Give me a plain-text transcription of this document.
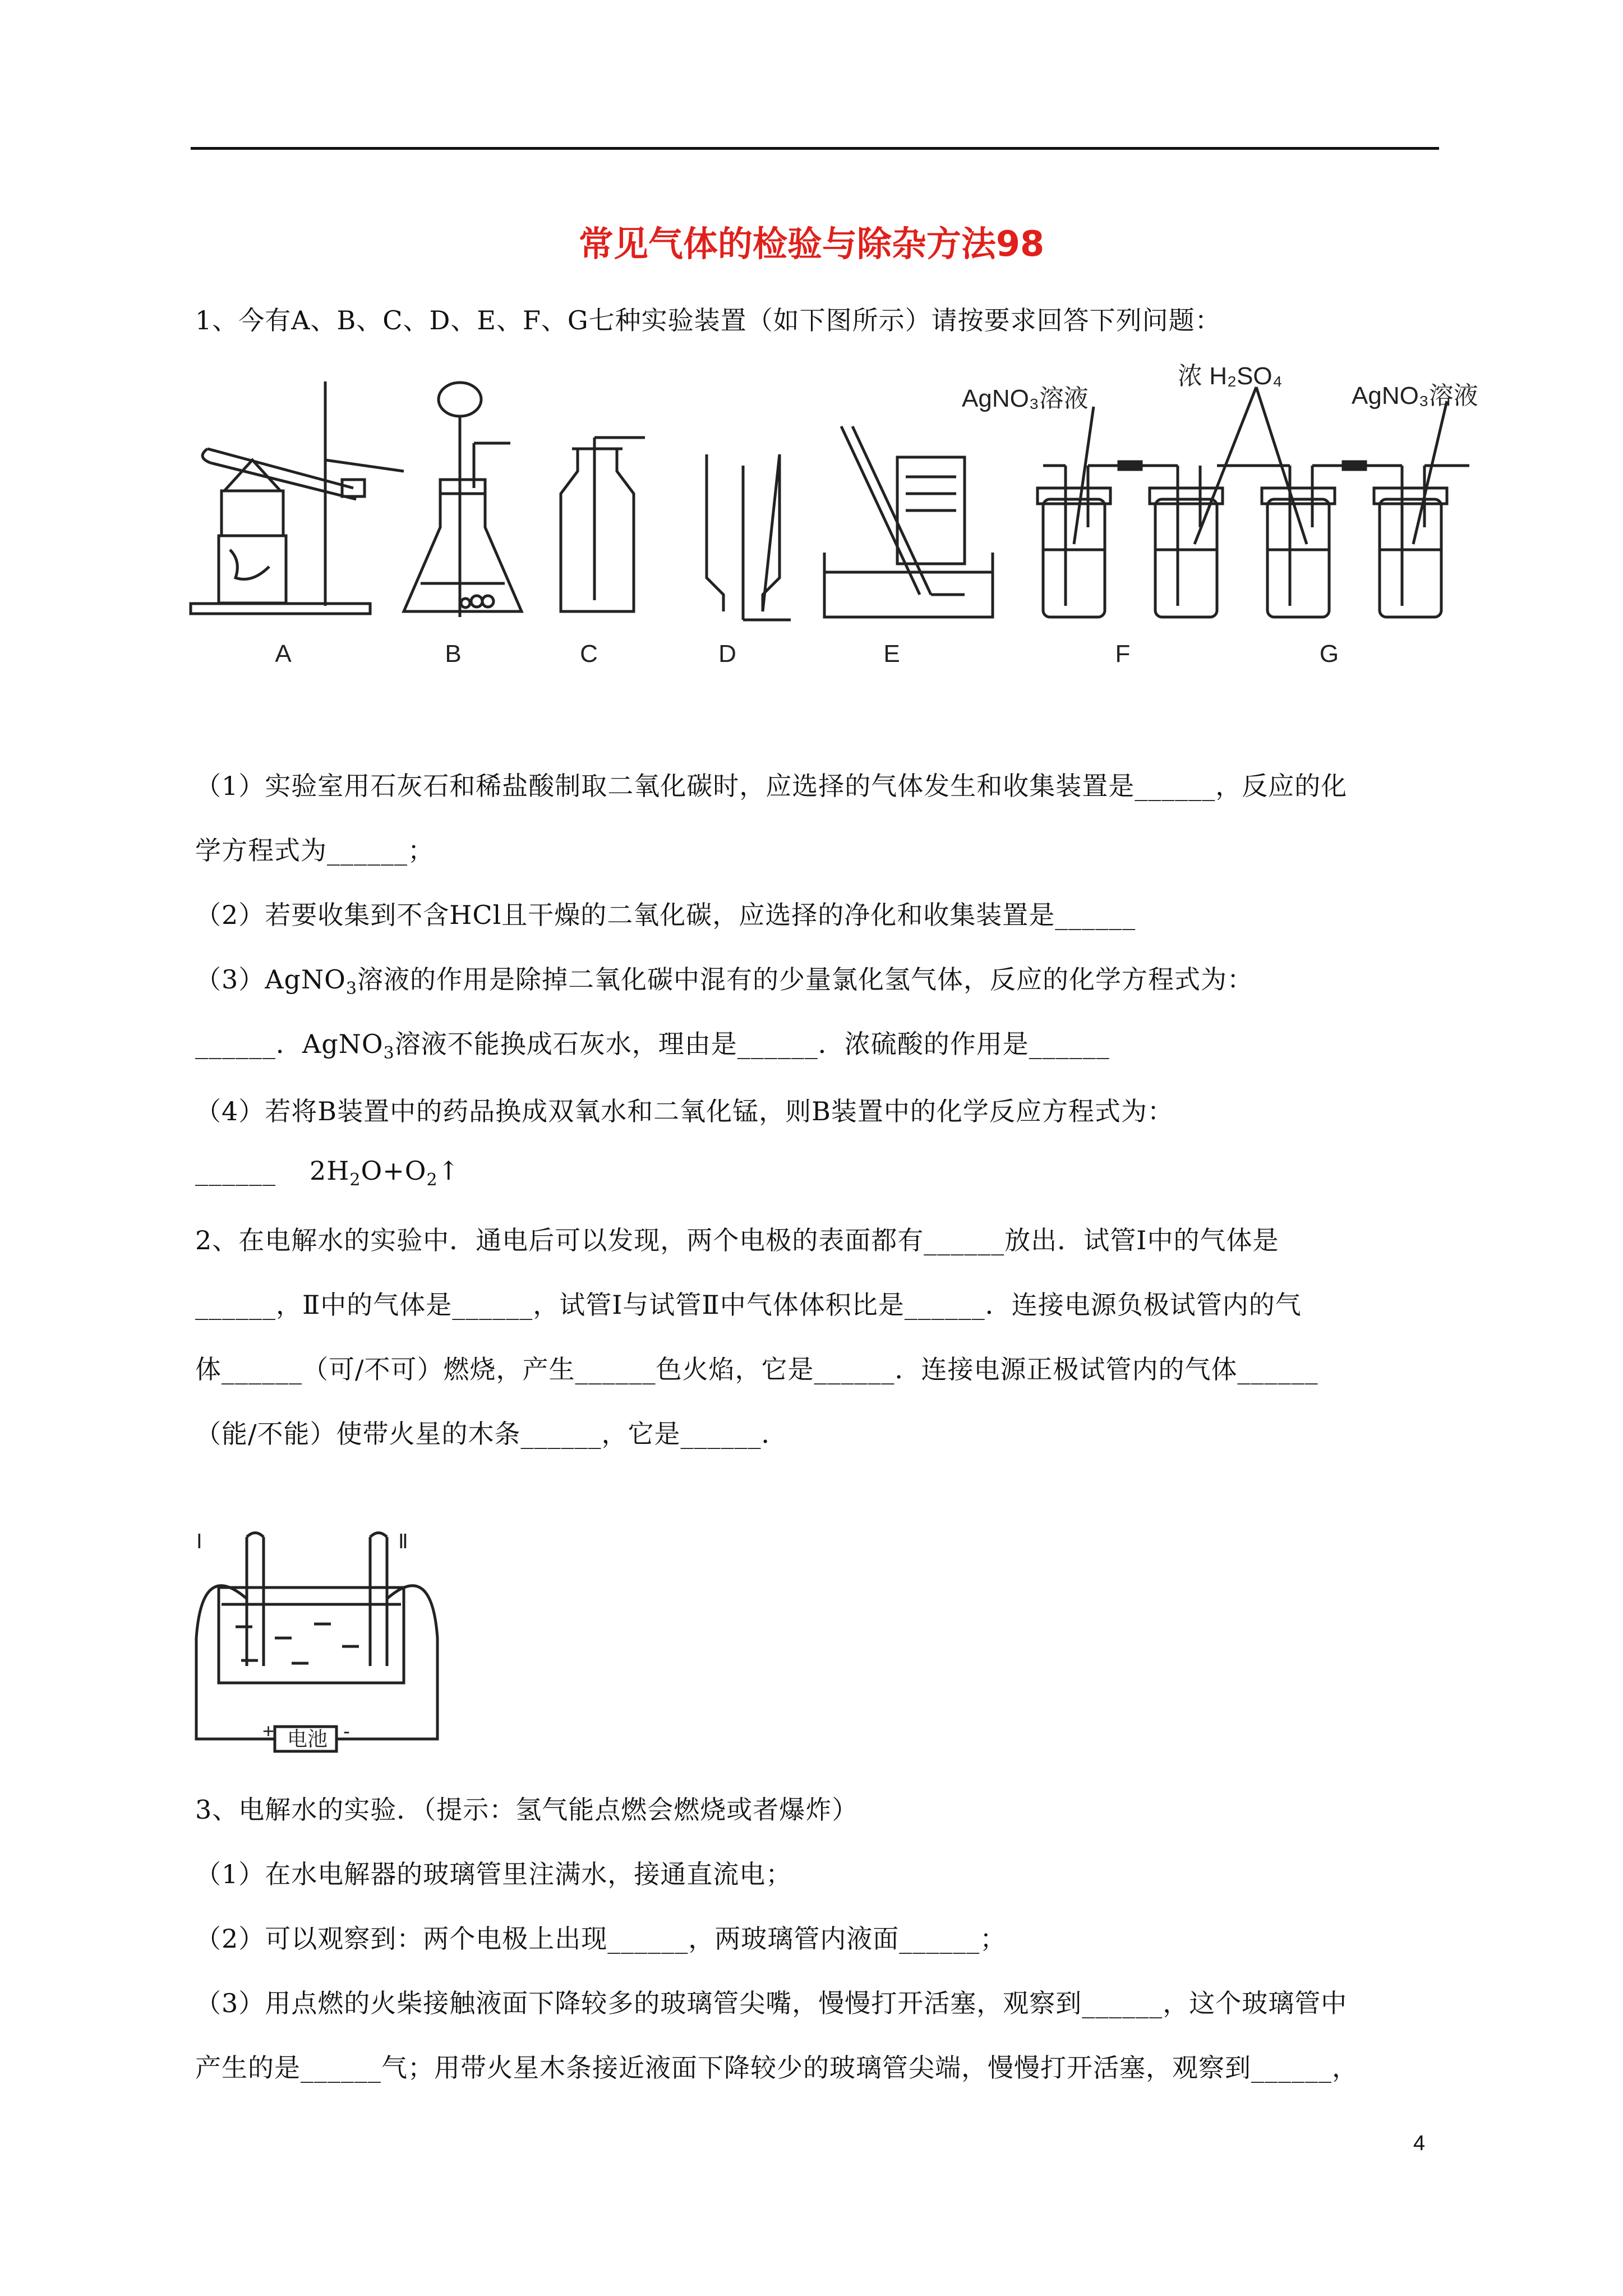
常见气体的检验与除杂方法98
1、今有A、B、C、D、E、F、G七种实验装置（如下图所示）请按要求回答下列问题：
AgNO₃溶液
浓 H₂SO₄
AgNO₃溶液
A	B	C	D	E	F	G
（1）实验室用石灰石和稀盐酸制取二氧化碳时，应选择的气体发生和收集装置是______，反应的化
学方程式为______；
（2）若要收集到不含HCl且干燥的二氧化碳，应选择的净化和收集装置是______
（3）AgNO$_3$溶液的作用是除掉二氧化碳中混有的少量氯化氢气体，反应的化学方程式为：
______．AgNO$_3$溶液不能换成石灰水，理由是______．浓硫酸的作用是______
（4）若将B装置中的药品换成双氧水和二氧化锰，则B装置中的化学反应方程式为：
______ $2H_2O+O_2↑$
2、在电解水的实验中．通电后可以发现，两个电极的表面都有______放出．试管Ⅰ中的气体是
______，Ⅱ中的气体是______，试管Ⅰ与试管Ⅱ中气体体积比是______．连接电源负极试管内的气
体______（可/不可）燃烧，产生______色火焰，它是______．连接电源正极试管内的气体______
（能/不能）使带火星的木条______，它是______．
Ⅰ	Ⅱ
电池
+	-
3、电解水的实验．（提示：氢气能点燃会燃烧或者爆炸）
（1）在水电解器的玻璃管里注满水，接通直流电；
（2）可以观察到：两个电极上出现______，两玻璃管内液面______；
（3）用点燃的火柴接触液面下降较多的玻璃管尖嘴，慢慢打开活塞，观察到______，这个玻璃管中
产生的是______气；用带火星木条接近液面下降较少的玻璃管尖端，慢慢打开活塞，观察到______，
4
